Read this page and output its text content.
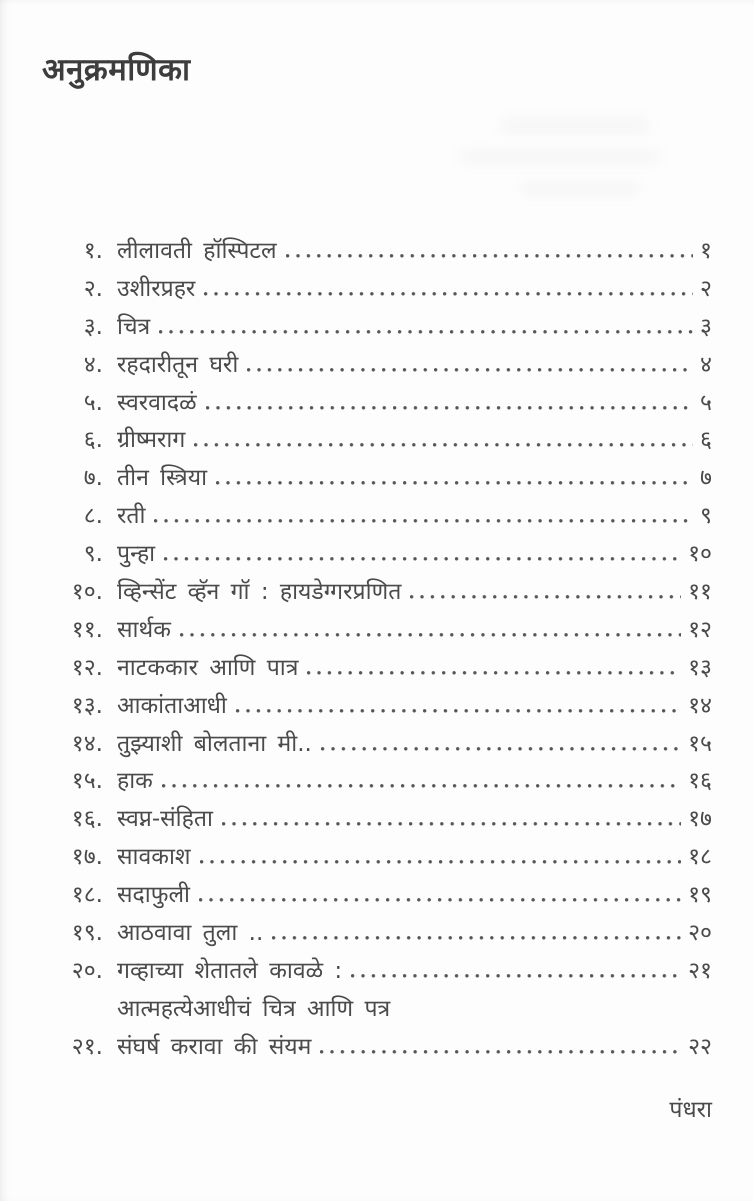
अनुक्रमणिका
१. लीलावती हॉस्पिटल	१
२. उशीरप्रहर	२
३. चित्र	३
४. रहदारीतून घरी	४
५. स्वरवादळं	५
६. ग्रीष्मराग	६
७. तीन स्त्रिया	७
८. रती	९
९. पुन्हा	१०
१०. व्हिन्सेंट व्हॅन गॉ : हायडेग्गरप्रणित	११
११. सार्थक	१२
१२. नाटककार आणि पात्र	१३
१३. आकांताआधी	१४
१४. तुझ्याशी बोलताना मी..	१५
१५. हाक	१६
१६. स्वप्न-संहिता	१७
१७. सावकाश	१८
१८. सदाफुली	१९
१९. आठवावा तुला ..	२०
२०. गव्हाच्या शेतातले कावळे :	२१
आत्महत्येआधीचं चित्र आणि पत्र
२१. संघर्ष करावा की संयम	२२
पंधरा
